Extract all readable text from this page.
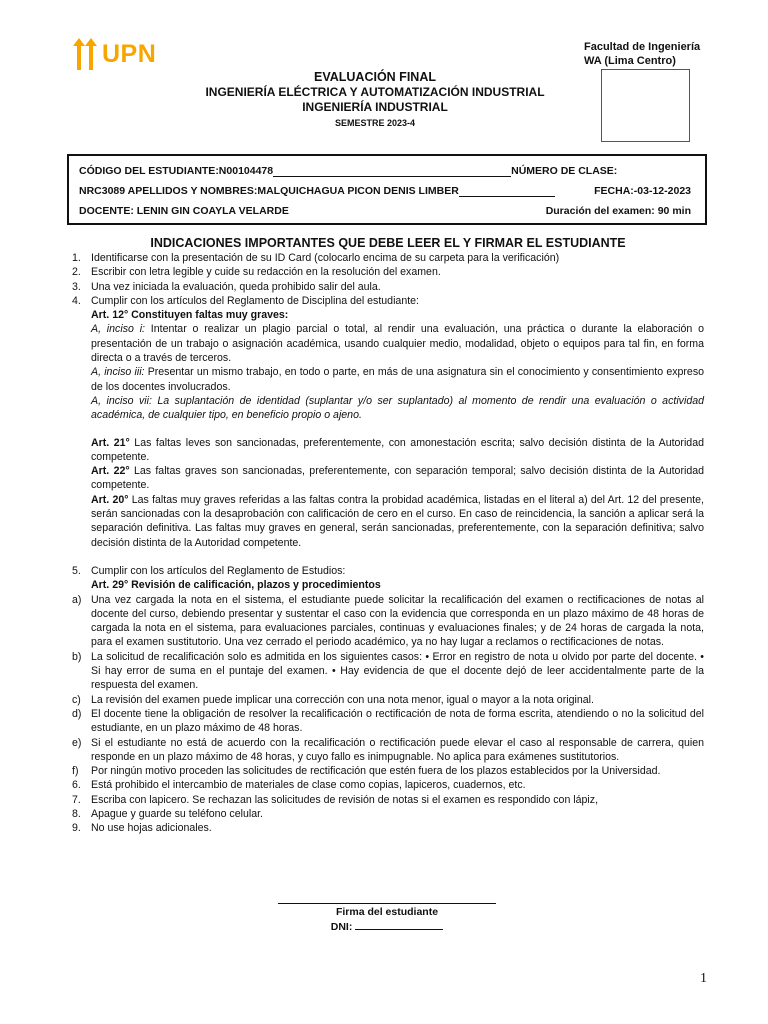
UPN	Facultad de Ingeniería
WA (Lima Centro)
EVALUACIÓN FINAL
INGENIERÍA ELÉCTRICA Y AUTOMATIZACIÓN INDUSTRIAL
INGENIERÍA INDUSTRIAL
SEMESTRE 2023-4
CÓDIGO DEL ESTUDIANTE:N00104478	NÚMERO DE CLASE:
NRC3089 APELLIDOS Y NOMBRES:MALQUICHAGUA PICON DENIS LIMBER	FECHA:-03-12-2023
DOCENTE: LENIN GIN COAYLA VELARDE	Duración del examen: 90 min
INDICACIONES IMPORTANTES QUE DEBE LEER EL Y FIRMAR EL ESTUDIANTE
1. Identificarse con la presentación de su ID Card (colocarlo encima de su carpeta para la verificación)
2. Escribir con letra legible y cuide su redacción en la resolución del examen.
3. Una vez iniciada la evaluación, queda prohibido salir del aula.
4. Cumplir con los artículos del Reglamento de Disciplina del estudiante:
Art. 12° Constituyen faltas muy graves:
A, inciso i: Intentar o realizar un plagio parcial o total, al rendir una evaluación, una práctica o durante la elaboración o presentación de un trabajo o asignación académica, usando cualquier medio, modalidad, objeto o equipos para tal fin, en forma directa o a través de terceros.
A, inciso iii: Presentar un mismo trabajo, en todo o parte, en más de una asignatura sin el conocimiento y consentimiento expreso de los docentes involucrados.
A, inciso vii: La suplantación de identidad (suplantar y/o ser suplantado) al momento de rendir una evaluación o actividad académica, de cualquier tipo, en beneficio propio o ajeno.
Art. 21° Las faltas leves son sancionadas, preferentemente, con amonestación escrita; salvo decisión distinta de la Autoridad competente.
Art. 22° Las faltas graves son sancionadas, preferentemente, con separación temporal; salvo decisión distinta de la Autoridad competente.
Art. 20° Las faltas muy graves referidas a las faltas contra la probidad académica, listadas en el literal a) del Art. 12 del presente, serán sancionadas con la desaprobación con calificación de cero en el curso. En caso de reincidencia, la sanción a aplicar será la separación definitiva. Las faltas muy graves en general, serán sancionadas, preferentemente, con la separación definitiva; salvo decisión distinta de la Autoridad competente.
5. Cumplir con los artículos del Reglamento de Estudios:
Art. 29° Revisión de calificación, plazos y procedimientos
a) Una vez cargada la nota en el sistema, el estudiante puede solicitar la recalificación del examen o rectificaciones de notas al docente del curso, debiendo presentar y sustentar el caso con la evidencia que corresponda en un plazo máximo de 48 horas de cargada la nota en el sistema, para evaluaciones parciales, continuas y evaluaciones finales; y de 24 horas de cargada la nota, para el examen sustitutorio. Una vez cerrado el periodo académico, ya no hay lugar a reclamos o rectificaciones de notas.
b) La solicitud de recalificación solo es admitida en los siguientes casos: • Error en registro de nota u olvido por parte del docente. • Si hay error de suma en el puntaje del examen. • Hay evidencia de que el docente dejó de leer accidentalmente parte de la respuesta del examen.
c) La revisión del examen puede implicar una corrección con una nota menor, igual o mayor a la nota original.
d) El docente tiene la obligación de resolver la recalificación o rectificación de nota de forma escrita, atendiendo o no la solicitud del estudiante, en un plazo máximo de 48 horas.
e) Si el estudiante no está de acuerdo con la recalificación o rectificación puede elevar el caso al responsable de carrera, quien responde en un plazo máximo de 48 horas, y cuyo fallo es inimpugnable. No aplica para exámenes sustitutorios.
f)	Por ningún motivo proceden las solicitudes de rectificación que estén fuera de los plazos establecidos por la Universidad.
6. Está prohibido el intercambio de materiales de clase como copias, lapiceros, cuadernos, etc.
7. Escriba con lapicero. Se rechazan las solicitudes de revisión de notas si el examen es respondido con lápiz,
8. Apague y guarde su teléfono celular.
9. No use hojas adicionales.
Firma del estudiante
DNI:
1
